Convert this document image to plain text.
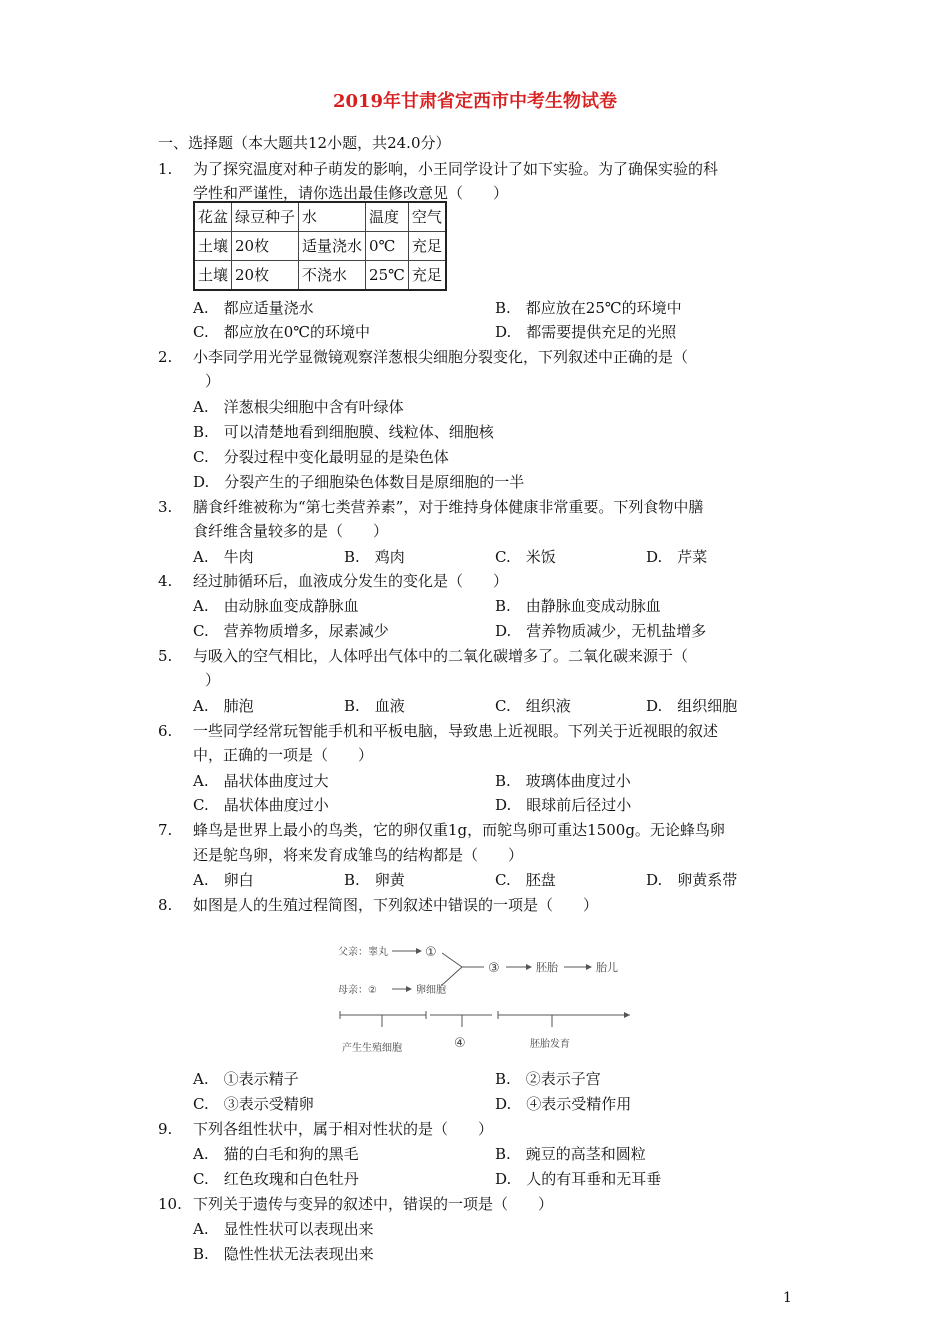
2019年甘肃省定西市中考生物试卷
一、选择题（本大题共12小题，共24.0分）
1. 为了探究温度对种子萌发的影响，小王同学设计了如下实验。为了确保实验的科
学性和严谨性，请你选出最佳修改意见（　　）
花盆	绿豆种子	水	温度	空气
土壤	20枚	适量浇水	0℃	充足
土壤	20枚	不浇水	25℃	充足
A.　都应适量浇水	B.　都应放在25℃的环境中
C.　都应放在0℃的环境中	D.　都需要提供充足的光照
2. 小李同学用光学显微镜观察洋葱根尖细胞分裂变化，下列叙述中正确的是（
）
A.　洋葱根尖细胞中含有叶绿体
B.　可以清楚地看到细胞膜、线粒体、细胞核
C.　分裂过程中变化最明显的是染色体
D.　分裂产生的子细胞染色体数目是原细胞的一半
3. 膳食纤维被称为“第七类营养素”，对于维持身体健康非常重要。下列食物中膳
食纤维含量较多的是（　　）
A.　牛肉	B.　鸡肉	C.　米饭	D.　芹菜
4. 经过肺循环后，血液成分发生的变化是（　　）
A.　由动脉血变成静脉血	B.　由静脉血变成动脉血
C.　营养物质增多，尿素减少	D.　营养物质减少，无机盐增多
5. 与吸入的空气相比，人体呼出气体中的二氧化碳增多了。二氧化碳来源于（
）
A.　肺泡	B.　血液	C.　组织液	D.　组织细胞
6. 一些同学经常玩智能手机和平板电脑，导致患上近视眼。下列关于近视眼的叙述
中，正确的一项是（　　）
A.　晶状体曲度过大	B.　玻璃体曲度过小
C.　晶状体曲度过小	D.　眼球前后径过小
7. 蜂鸟是世界上最小的鸟类，它的卵仅重1g，而鸵鸟卵可重达1500g。无论蜂鸟卵
还是鸵鸟卵，将来发育成雏鸟的结构都是（　　）
A.　卵白	B.　卵黄	C.　胚盘	D.　卵黄系带
8. 如图是人的生殖过程简图，下列叙述中错误的一项是（　　）
父亲：睾丸	①
③	胚胎	胎儿
母亲：②	卵细胞
产生生殖细胞	④	胚胎发育
A.　①表示精子	B.　②表示子宫
C.　③表示受精卵	D.　④表示受精作用
9. 下列各组性状中，属于相对性状的是（　　）
A.　猫的白毛和狗的黑毛	B.　豌豆的高茎和圆粒
C.　红色玫瑰和白色牡丹	D.　人的有耳垂和无耳垂
10. 下列关于遗传与变异的叙述中，错误的一项是（　　）
A.　显性性状可以表现出来
B.　隐性性状无法表现出来
1
